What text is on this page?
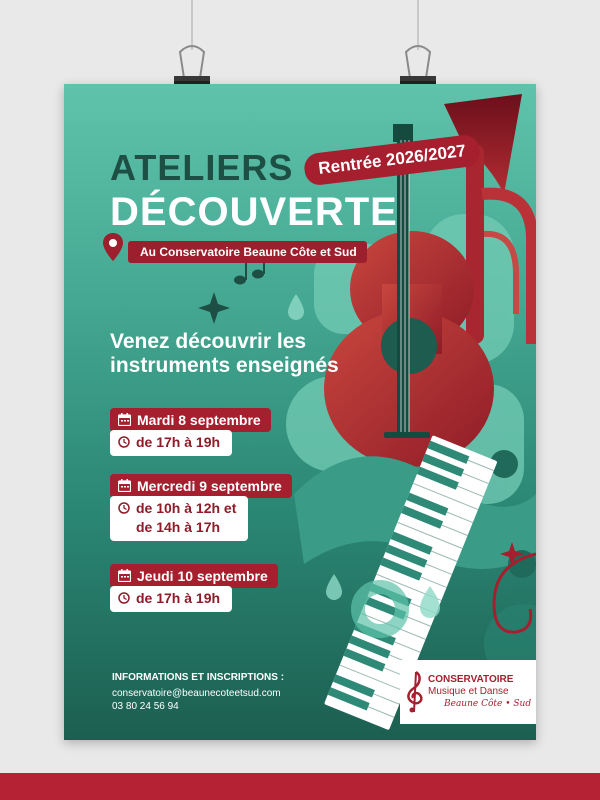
ATELIERS
DÉCOUVERTE
Rentrée 2026/2027
Au Conservatoire Beaune Côte et Sud
Venez découvrir les instruments enseignés
Mardi 8 septembre
de 17h à 19h
Mercredi 9 septembre
de 10h à 12h et
de 14h à 17h
Jeudi 10 septembre
de 17h à 19h
INFORMATIONS ET INSCRIPTIONS :
conservatoire@beaunecoteetsud.com
03 80 24 56 94
CONSERVATOIRE
Musique et Danse
Beaune Côte • Sud
